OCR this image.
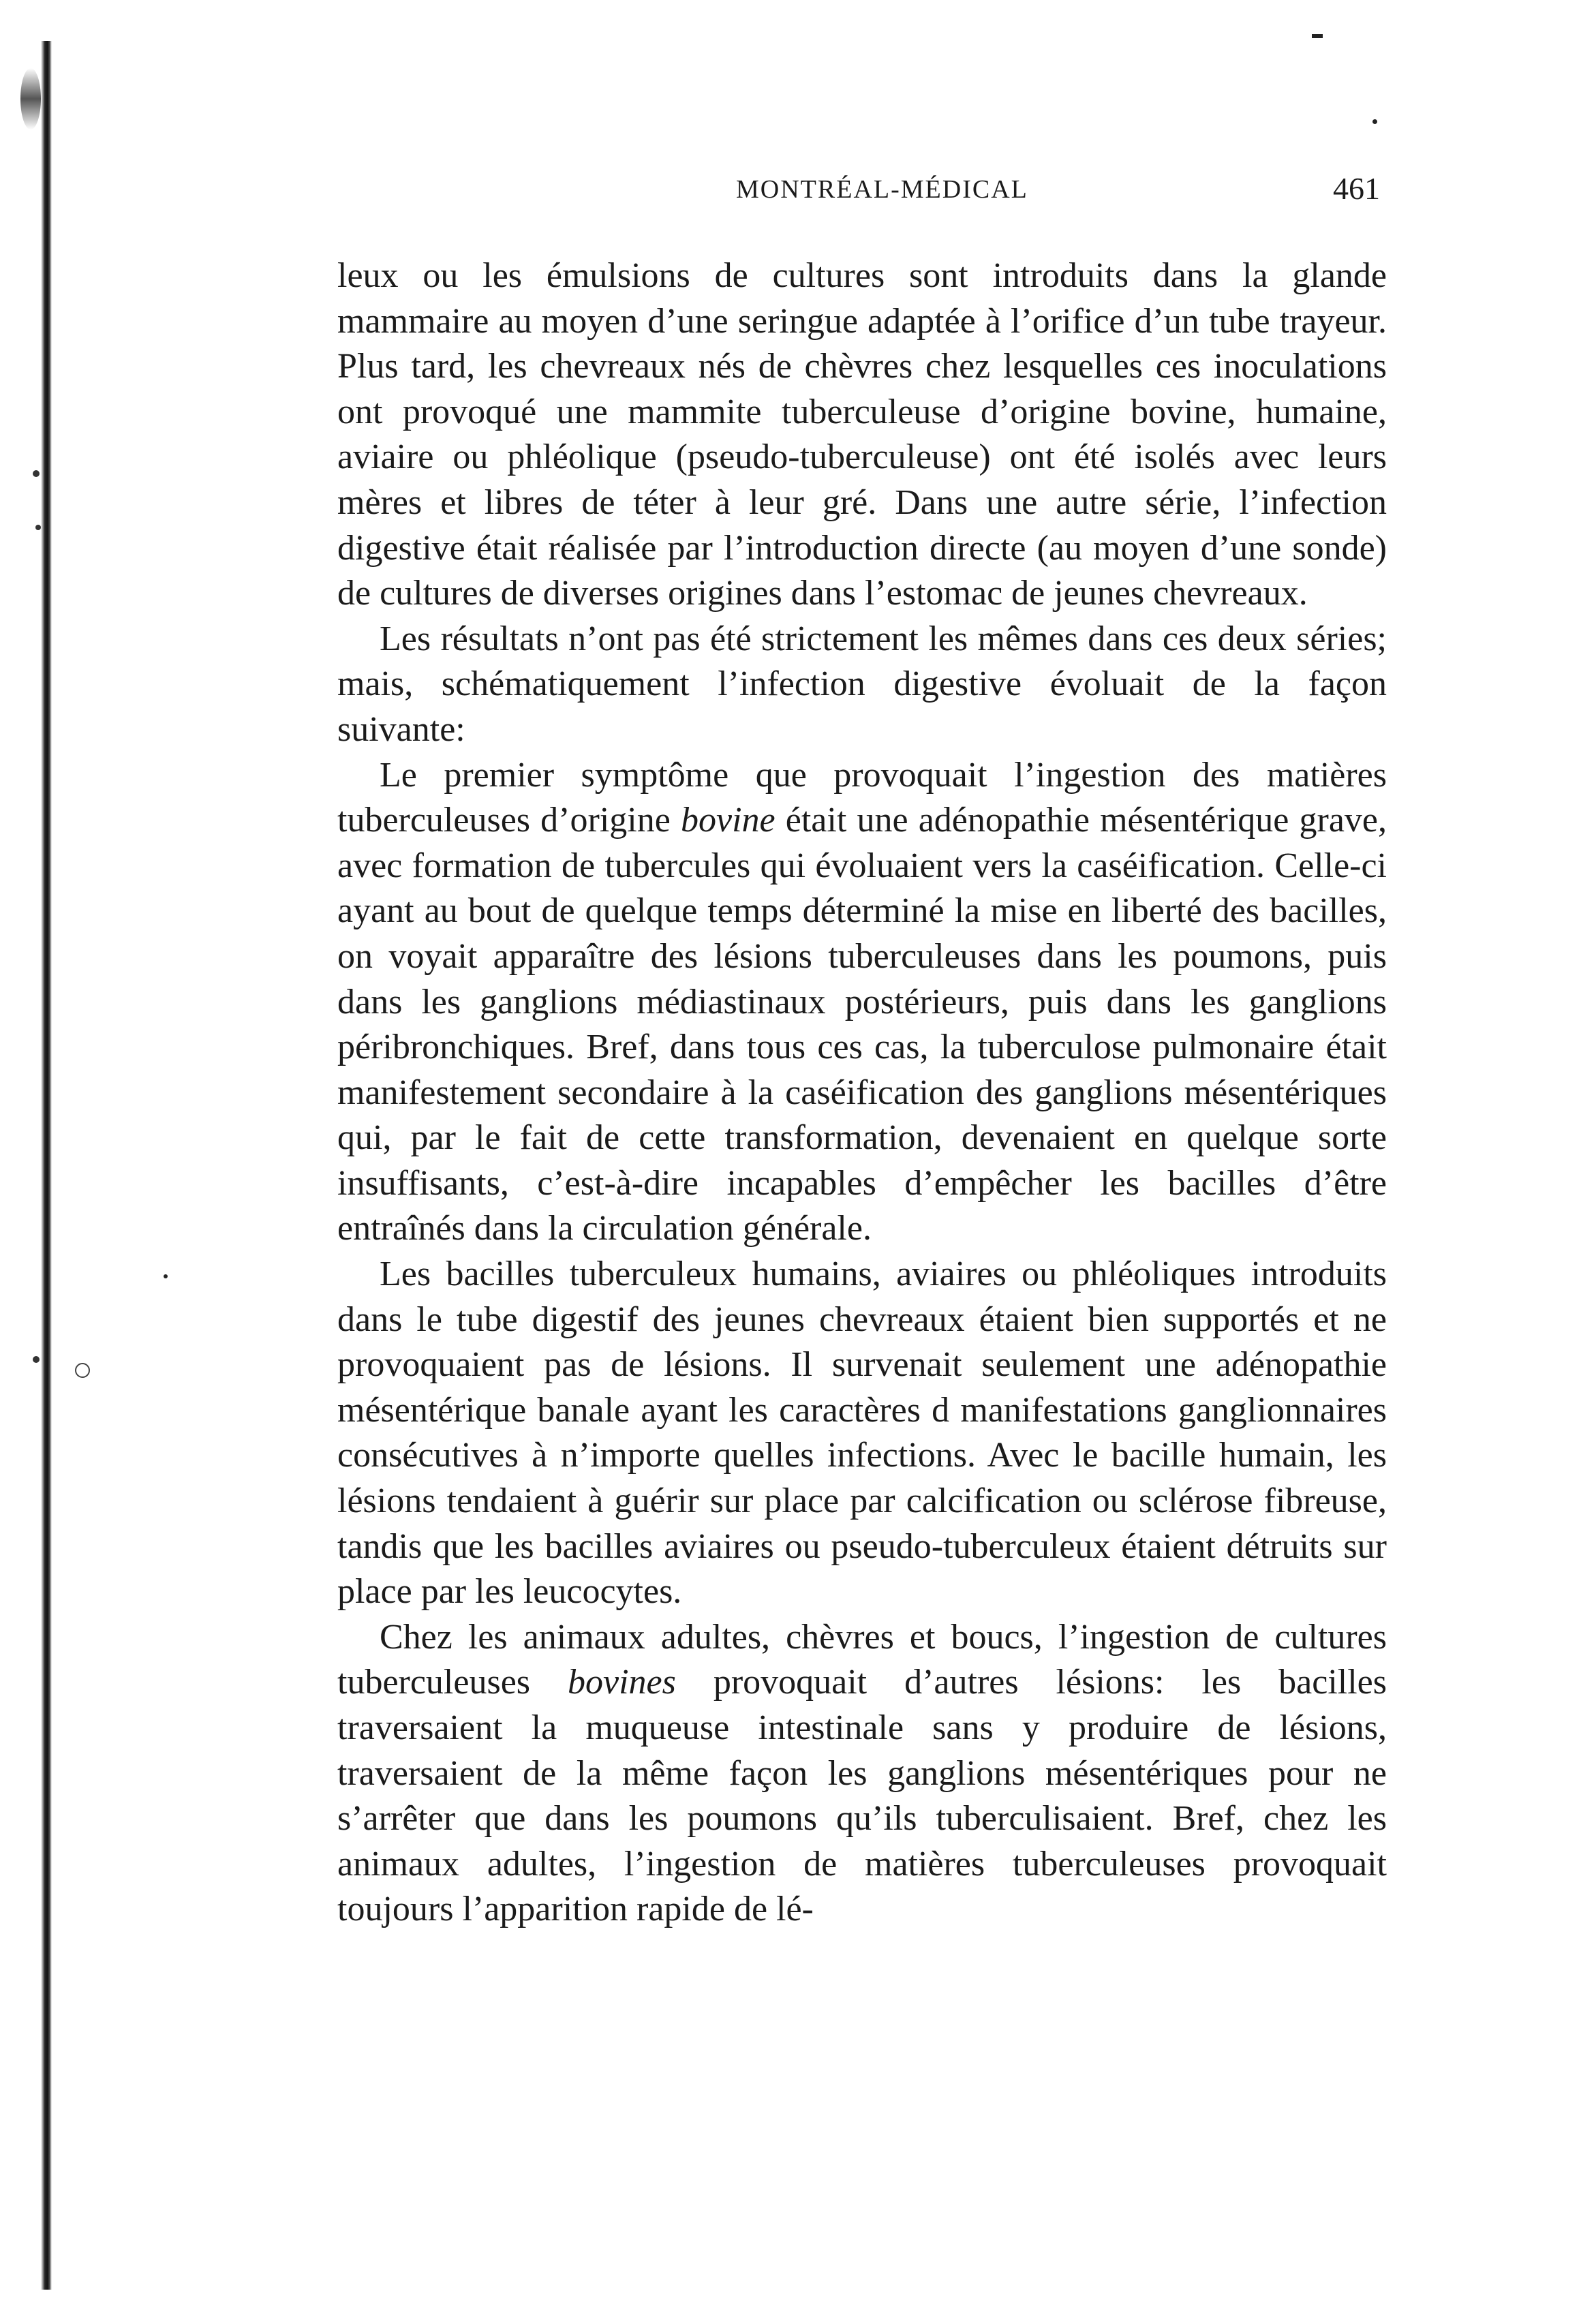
MONTRÉAL-MÉDICAL	461

leux ou les émulsions de cultures sont introduits dans la glande mammaire au moyen d’une seringue adaptée à l’orifice d’un tube trayeur. Plus tard, les chevreaux nés de chèvres chez lesquelles ces inoculations ont provoqué une mammite tuberculeuse d’origine bovine, humaine, aviaire ou phléolique (pseudo-tuberculeuse) ont été isolés avec leurs mères et libres de téter à leur gré. Dans une autre série, l’infection digestive était réalisée par l’introduction directe (au moyen d’une sonde) de cultures de diverses origines dans l’estomac de jeunes chevreaux.

Les résultats n’ont pas été strictement les mêmes dans ces deux séries; mais, schématiquement l’infection digestive évoluait de la façon suivante:

Le premier symptôme que provoquait l’ingestion des matières tuberculeuses d’origine bovine était une adénopathie mésentérique grave, avec formation de tubercules qui évoluaient vers la caséification. Celle-ci ayant au bout de quelque temps déterminé la mise en liberté des bacilles, on voyait apparaître des lésions tuberculeuses dans les poumons, puis dans les ganglions médiastinaux postérieurs, puis dans les ganglions péribronchiques. Bref, dans tous ces cas, la tuberculose pulmonaire était manifestement secondaire à la caséification des ganglions mésentériques qui, par le fait de cette transformation, devenaient en quelque sorte insuffisants, c’est-à-dire incapables d’empêcher les bacilles d’être entraînés dans la circulation générale.

Les bacilles tuberculeux humains, aviaires ou phléoliques introduits dans le tube digestif des jeunes chevreaux étaient bien supportés et ne provoquaient pas de lésions. Il survenait seulement une adénopathie mésentérique banale ayant les caractères d manifestations ganglionnaires consécutives à n’importe quelles infections. Avec le bacille humain, les lésions tendaient à guérir sur place par calcification ou sclérose fibreuse, tandis que les bacilles aviaires ou pseudo-tuberculeux étaient détruits sur place par les leucocytes.

Chez les animaux adultes, chèvres et boucs, l’ingestion de cultures tuberculeuses bovines provoquait d’autres lésions: les bacilles traversaient la muqueuse intestinale sans y produire de lésions, traversaient de la même façon les ganglions mésentériques pour ne s’arrêter que dans les poumons qu’ils tuberculisaient. Bref, chez les animaux adultes, l’ingestion de matières tuberculeuses provoquait toujours l’apparition rapide de lé-
